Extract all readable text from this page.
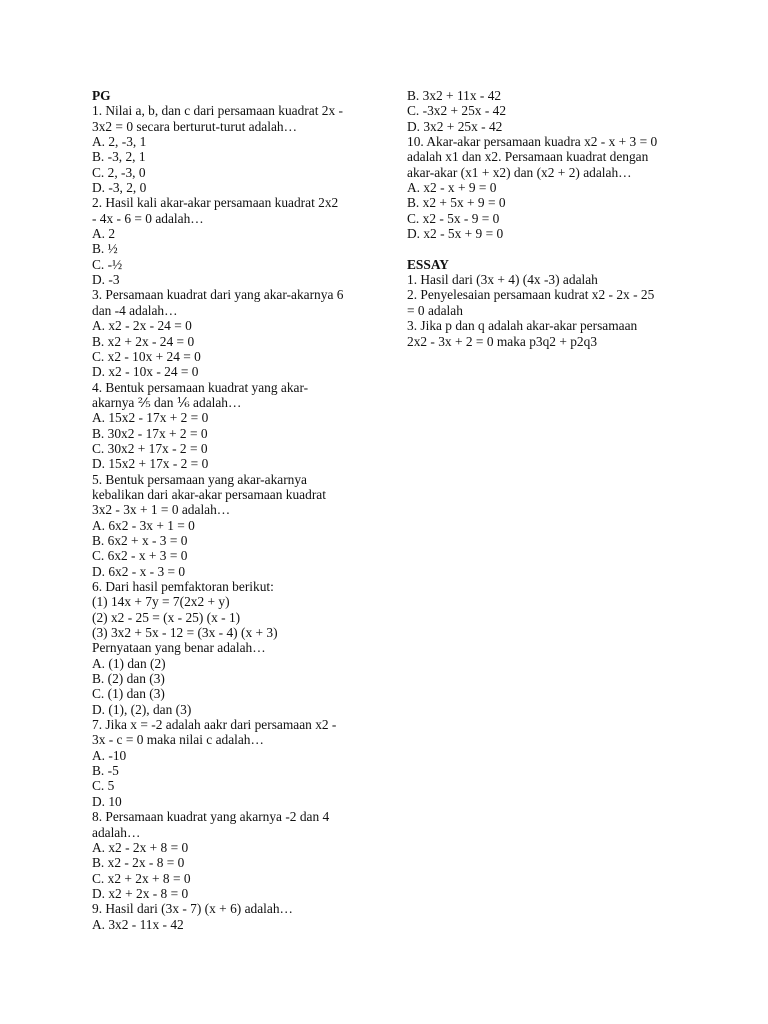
PG
1. Nilai a, b, dan c dari persamaan kuadrat 2x -
3x2 = 0 secara berturut-turut adalah…
A. 2, -3, 1
B. -3, 2, 1
C. 2, -3, 0
D. -3, 2, 0
2. Hasil kali akar-akar persamaan kuadrat 2x2
- 4x - 6 = 0 adalah…
A. 2
B. ½
C. -½
D. -3
3. Persamaan kuadrat dari yang akar-akarnya 6
dan -4 adalah…
A. x2 - 2x - 24 = 0
B. x2 + 2x - 24 = 0
C. x2 - 10x + 24 = 0
D. x2 - 10x - 24 = 0
4. Bentuk persamaan kuadrat yang akar-
akarnya ⅖ dan ⅙ adalah…
A. 15x2 - 17x + 2 = 0
B. 30x2 - 17x + 2 = 0
C. 30x2 + 17x - 2 = 0
D. 15x2 + 17x - 2 = 0
5. Bentuk persamaan yang akar-akarnya
kebalikan dari akar-akar persamaan kuadrat
3x2 - 3x + 1 = 0 adalah…
A. 6x2 - 3x + 1 = 0
B. 6x2 + x - 3 = 0
C. 6x2 - x + 3 = 0
D. 6x2 - x - 3 = 0
6. Dari hasil pemfaktoran berikut:
(1) 14x + 7y = 7(2x2 + y)
(2) x2 - 25 = (x - 25) (x - 1)
(3) 3x2 + 5x - 12 = (3x - 4) (x + 3)
Pernyataan yang benar adalah…
A. (1) dan (2)
B. (2) dan (3)
C. (1) dan (3)
D. (1), (2), dan (3)
7. Jika x = -2 adalah aakr dari persamaan x2 -
3x - c = 0 maka nilai c adalah…
A. -10
B. -5
C. 5
D. 10
8. Persamaan kuadrat yang akarnya -2 dan 4
adalah…
A. x2 - 2x + 8 = 0
B. x2 - 2x - 8 = 0
C. x2 + 2x + 8 = 0
D. x2 + 2x - 8 = 0
9. Hasil dari (3x - 7) (x + 6) adalah…
A. 3x2 - 11x - 42
B. 3x2 + 11x - 42
C. -3x2 + 25x - 42
D. 3x2 + 25x - 42
10. Akar-akar persamaan kuadra x2 - x + 3 = 0
adalah x1 dan x2. Persamaan kuadrat dengan
akar-akar (x1 + x2) dan (x2 + 2) adalah…
A. x2 - x + 9 = 0
B. x2 + 5x + 9 = 0
C. x2 - 5x - 9 = 0
D. x2 - 5x + 9 = 0
ESSAY
1. Hasil dari (3x + 4) (4x -3) adalah
2. Penyelesaian persamaan kudrat x2 - 2x - 25
= 0 adalah
3. Jika p dan q adalah akar-akar persamaan
2x2 - 3x + 2 = 0 maka p3q2 + p2q3
